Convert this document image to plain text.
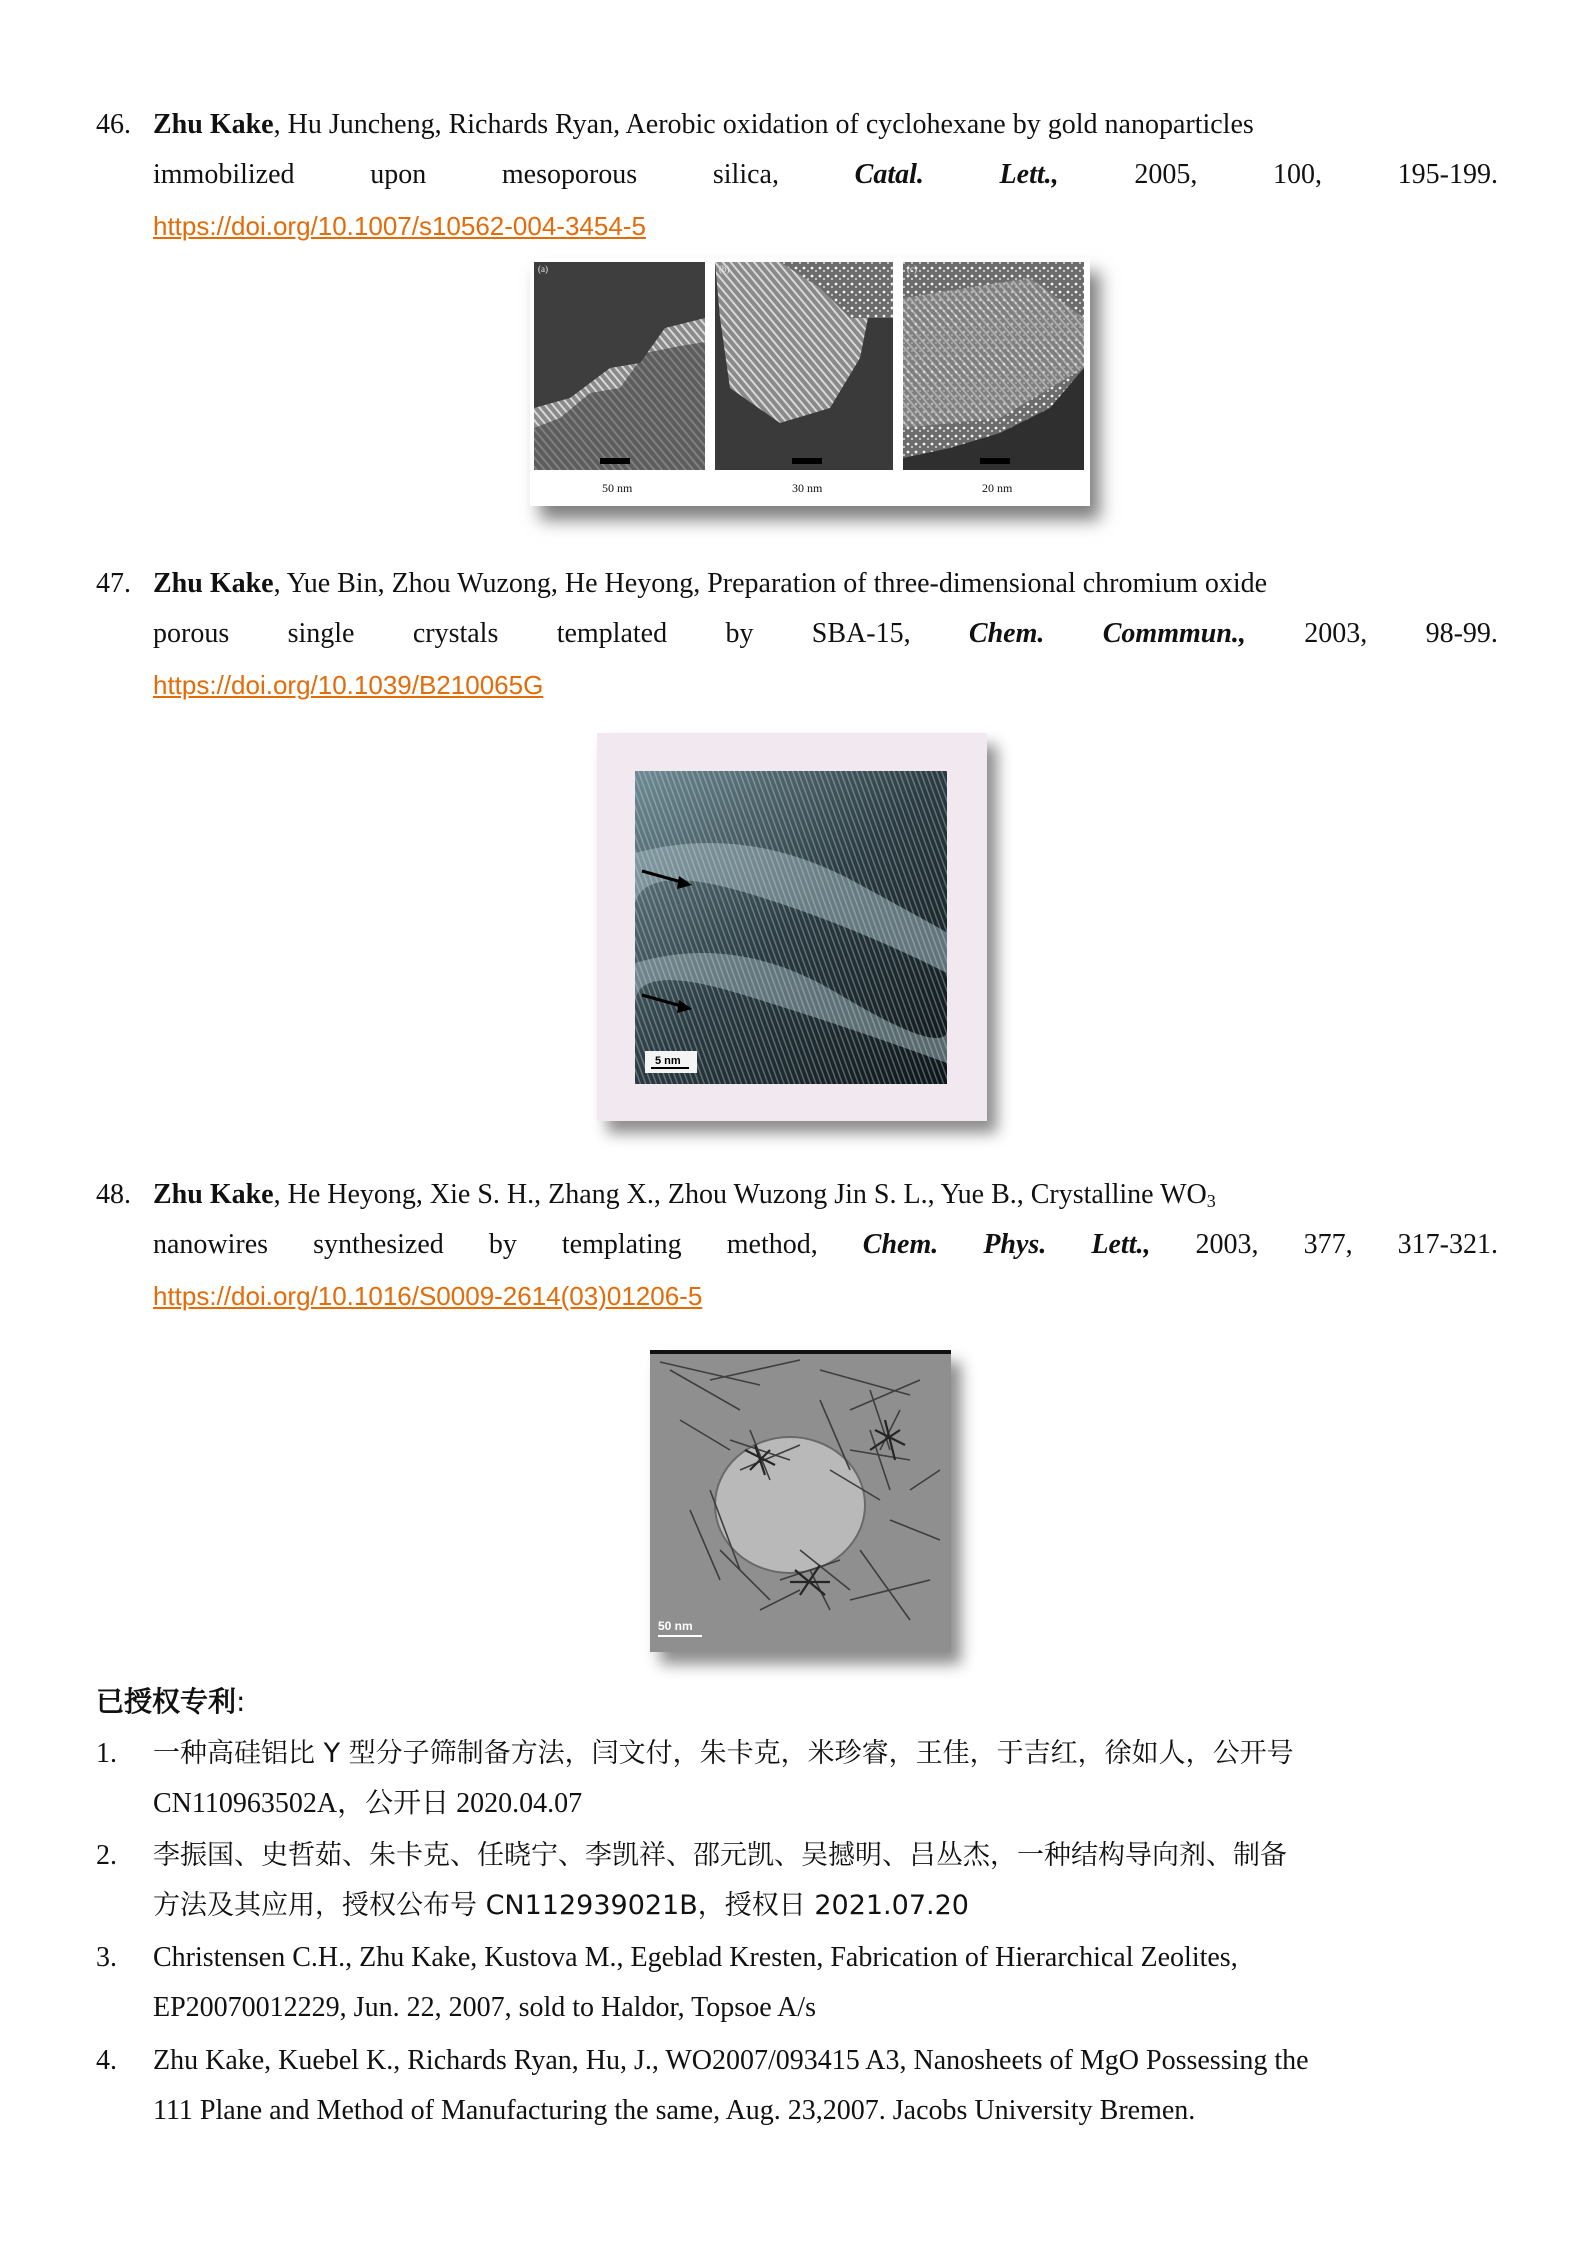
46. Zhu Kake, Hu Juncheng, Richards Ryan, Aerobic oxidation of cyclohexane by gold nanoparticles
immobilized	upon	mesoporous	silica,	Catal.	Lett.,	2005,	100,	195-199.
https://doi.org/10.1007/s10562-004-3454-5
(a)	(b)	(c)
50 nm	30 nm	20 nm
47. Zhu Kake, Yue Bin, Zhou Wuzong, He Heyong, Preparation of three-dimensional chromium oxide
porous single crystals templated by SBA-15, Chem. Commmun., 2003, 98-99.
https://doi.org/10.1039/B210065G
5 nm
48. Zhu Kake, He Heyong, Xie S. H., Zhang X., Zhou Wuzong Jin S. L., Yue B., Crystalline $WO_3$
nanowires synthesized by templating method, Chem. Phys. Lett., 2003, 377, 317-321.
https://doi.org/10.1016/S0009-2614(03)01206-5
50 nm
已授权专利:
1. 一种高硅铝比 Y 型分子筛制备方法，闫文付，朱卡克，米珍睿，王佳，于吉红，徐如人，公开号
CN110963502A，公开日 2020.04.07
2. 李振国、史哲茹、朱卡克、任晓宁、李凯祥、邵元凯、吴撼明、吕丛杰，一种结构导向剂、制备
方法及其应用，授权公布号 CN112939021B，授权日 2021.07.20
3. Christensen C.H., Zhu Kake, Kustova M., Egeblad Kresten, Fabrication of Hierarchical Zeolites,
EP20070012229, Jun. 22, 2007, sold to Haldor, Topsoe A/s
4. Zhu Kake, Kuebel K., Richards Ryan, Hu, J., WO2007/093415 A3, Nanosheets of MgO Possessing the
111 Plane and Method of Manufacturing the same, Aug. 23,2007. Jacobs University Bremen.
